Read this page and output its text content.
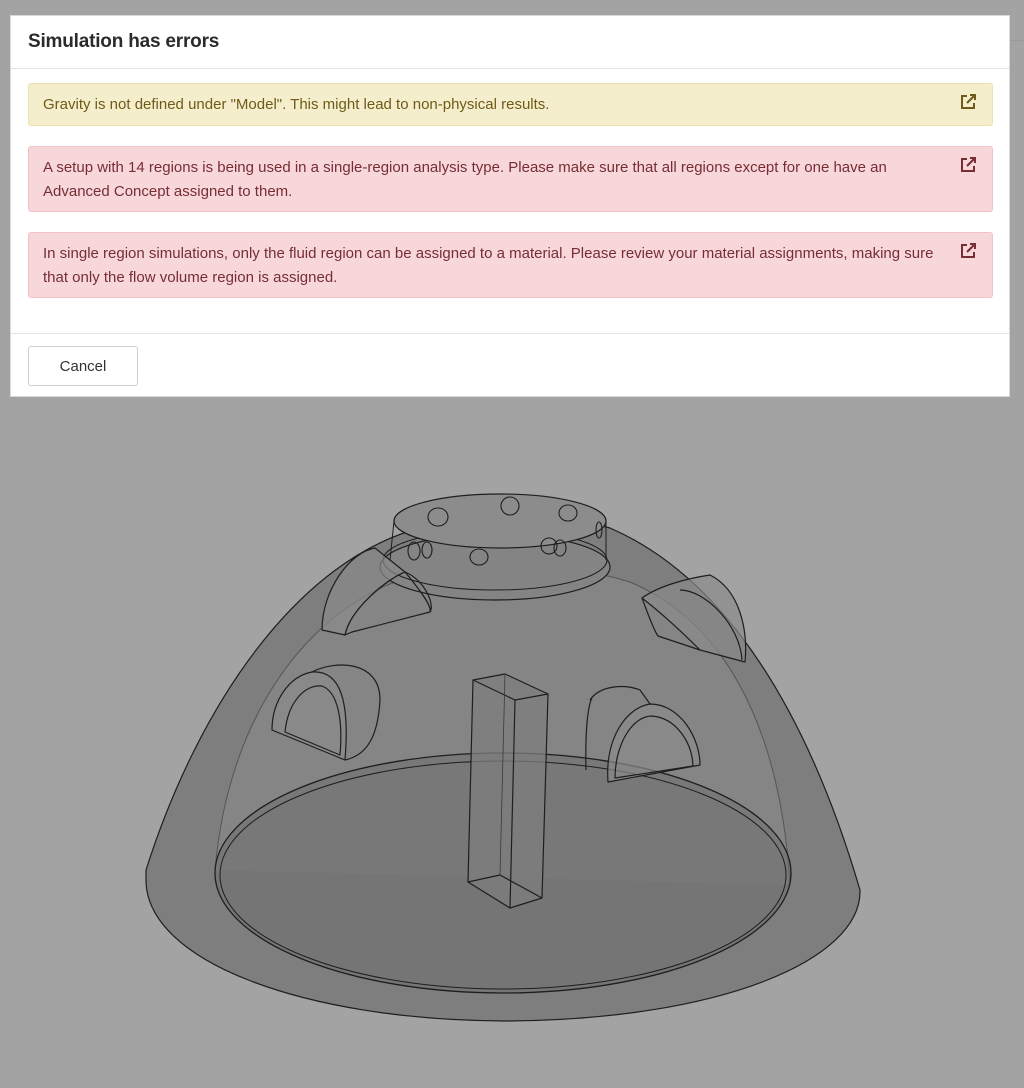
Simulation has errors
Gravity is not defined under "Model". This might lead to non-physical results.
A setup with 14 regions is being used in a single-region analysis type. Please make sure that all regions except for one have an Advanced Concept assigned to them.
In single region simulations, only the fluid region can be assigned to a material. Please review your material assignments, making sure that only the flow volume region is assigned.
Cancel
